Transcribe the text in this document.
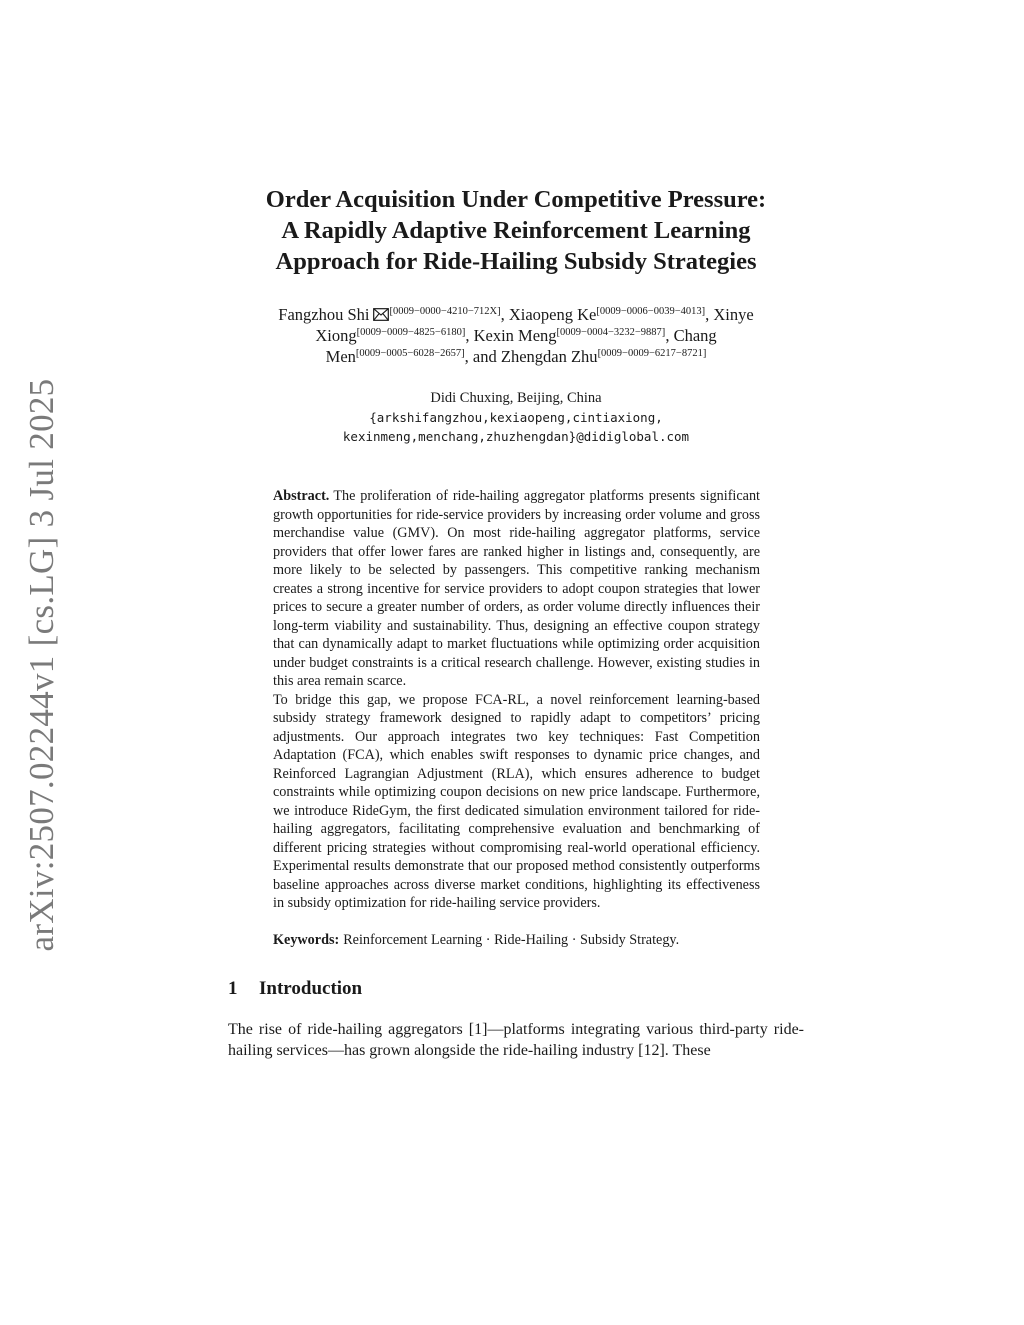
arXiv:2507.02244v1 [cs.LG] 3 Jul 2025
Order Acquisition Under Competitive Pressure:
A Rapidly Adaptive Reinforcement Learning
Approach for Ride-Hailing Subsidy Strategies
Fangzhou Shi [0009−0000−4210−712X], Xiaopeng Ke[0009−0006−0039−4013], Xinye
Xiong[0009−0009−4825−6180], Kexin Meng[0009−0004−3232−9887], Chang
Men[0009−0005−6028−2657], and Zhengdan Zhu[0009−0009−6217−8721]
Didi Chuxing, Beijing, China
{arkshifangzhou,kexiaopeng,cintiaxiong,
kexinmeng,menchang,zhuzhengdan}@didiglobal.com

Abstract. The proliferation of ride-hailing aggregator platforms presents significant growth opportunities for ride-service providers by increasing order volume and gross merchandise value (GMV). On most ride-hailing aggregator platforms, service providers that offer lower fares are ranked higher in listings and, consequently, are more likely to be selected by passengers. This competitive ranking mechanism creates a strong incentive for service providers to adopt coupon strategies that lower prices to secure a greater number of orders, as order volume directly influences their long-term viability and sustainability. Thus, designing an effective coupon strategy that can dynamically adapt to market fluctuations while optimizing order acquisition under budget constraints is a critical research challenge. However, existing studies in this area remain scarce.

To bridge this gap, we propose FCA-RL, a novel reinforcement learning-based subsidy strategy framework designed to rapidly adapt to competitors’ pricing adjustments. Our approach integrates two key techniques: Fast Competition Adaptation (FCA), which enables swift responses to dynamic price changes, and Reinforced Lagrangian Adjustment (RLA), which ensures adherence to budget constraints while optimizing coupon decisions on new price landscape. Furthermore, we introduce RideGym, the first dedicated simulation environment tailored for ride-hailing aggregators, facilitating comprehensive evaluation and benchmarking of different pricing strategies without compromising real-world operational efficiency. Experimental results demonstrate that our proposed method consistently outperforms baseline approaches across diverse market conditions, highlighting its effectiveness in subsidy optimization for ride-hailing service providers.

Keywords: Reinforcement Learning · Ride-Hailing · Subsidy Strategy.
1 Introduction

The rise of ride-hailing aggregators [1]—platforms integrating various third-party ride-hailing services—has grown alongside the ride-hailing industry [12]. These
